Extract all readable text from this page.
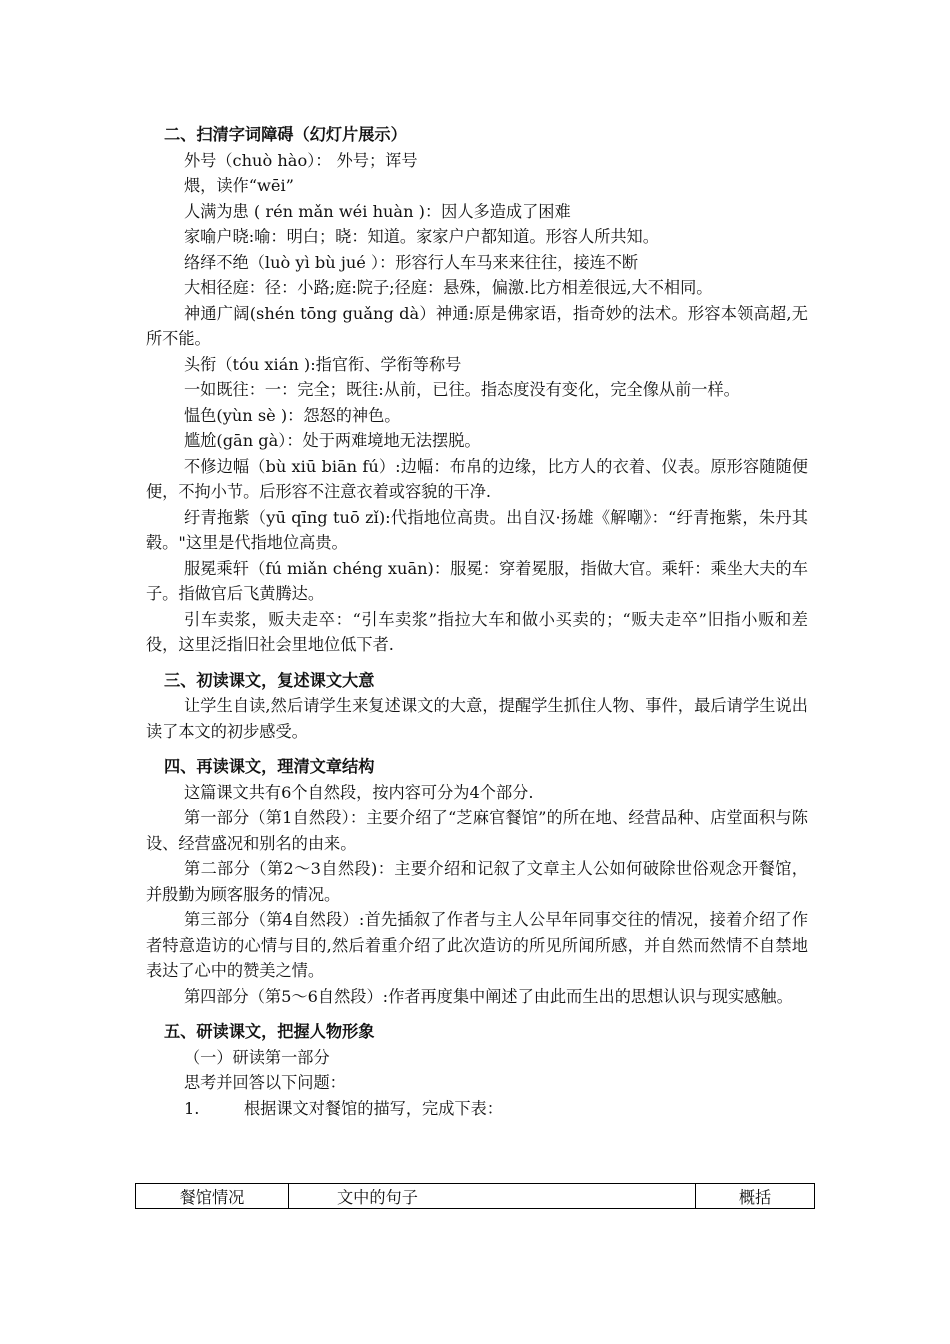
二、扫清字词障碍（幻灯片展示）

外号（chuò hào）： 外号；诨号

煨，读作“wēi”

人满为患 ( rén mǎn wéi huàn )：因人多造成了困难

家喻户晓:喻：明白；晓：知道。家家户户都知道。形容人所共知。

络绎不绝（luò yì bù jué ）：形容行人车马来来往往，接连不断

大相径庭：径：小路;庭:院子;径庭：悬殊，偏激.比方相差很远,大不相同。

神通广阔(shén tōng guǎng dà）神通:原是佛家语，指奇妙的法术。形容本领高超,无所不能。

头衔（tóu xián ):指官衔、学衔等称号

一如既往：一：完全；既往:从前，已往。指态度没有变化，完全像从前一样。

愠色(yùn sè )：怨怒的神色。

尴尬(gān gà）：处于两难境地无法摆脱。

不修边幅（bù xiū biān fú）:边幅：布帛的边缘，比方人的衣着、仪表。原形容随随便便，不拘小节。后形容不注意衣着或容貌的干净.

纡青拖紫（yū qīng tuō zǐ):代指地位高贵。出自汉·扬雄《解嘲》：“纡青拖紫，朱丹其毂。"这里是代指地位高贵。

服冕乘轩（fú miǎn chéng xuān)：服冕：穿着冕服，指做大官。乘轩：乘坐大夫的车子。指做官后飞黄腾达。

引车卖浆，贩夫走卒：“引车卖浆”指拉大车和做小买卖的；“贩夫走卒”旧指小贩和差役，这里泛指旧社会里地位低下者.

三、初读课文，复述课文大意

让学生自读,然后请学生来复述课文的大意，提醒学生抓住人物、事件，最后请学生说出读了本文的初步感受。

四、再读课文，理清文章结构

这篇课文共有6个自然段，按内容可分为4个部分.

第一部分（第1自然段）：主要介绍了“芝麻官餐馆”的所在地、经营品种、店堂面积与陈设、经营盛况和别名的由来。

第二部分（第2～3自然段)：主要介绍和记叙了文章主人公如何破除世俗观念开餐馆，并殷勤为顾客服务的情况。

第三部分（第4自然段）:首先插叙了作者与主人公早年同事交往的情况，接着介绍了作者特意造访的心情与目的,然后着重介绍了此次造访的所见所闻所感，并自然而然情不自禁地表达了心中的赞美之情。

第四部分（第5～6自然段）:作者再度集中阐述了由此而生出的思想认识与现实感触。

五、研读课文，把握人物形象

（一）研读第一部分

思考并回答以下问题：

1.	根据课文对餐馆的描写，完成下表：

餐馆情况	文中的句子	概括
